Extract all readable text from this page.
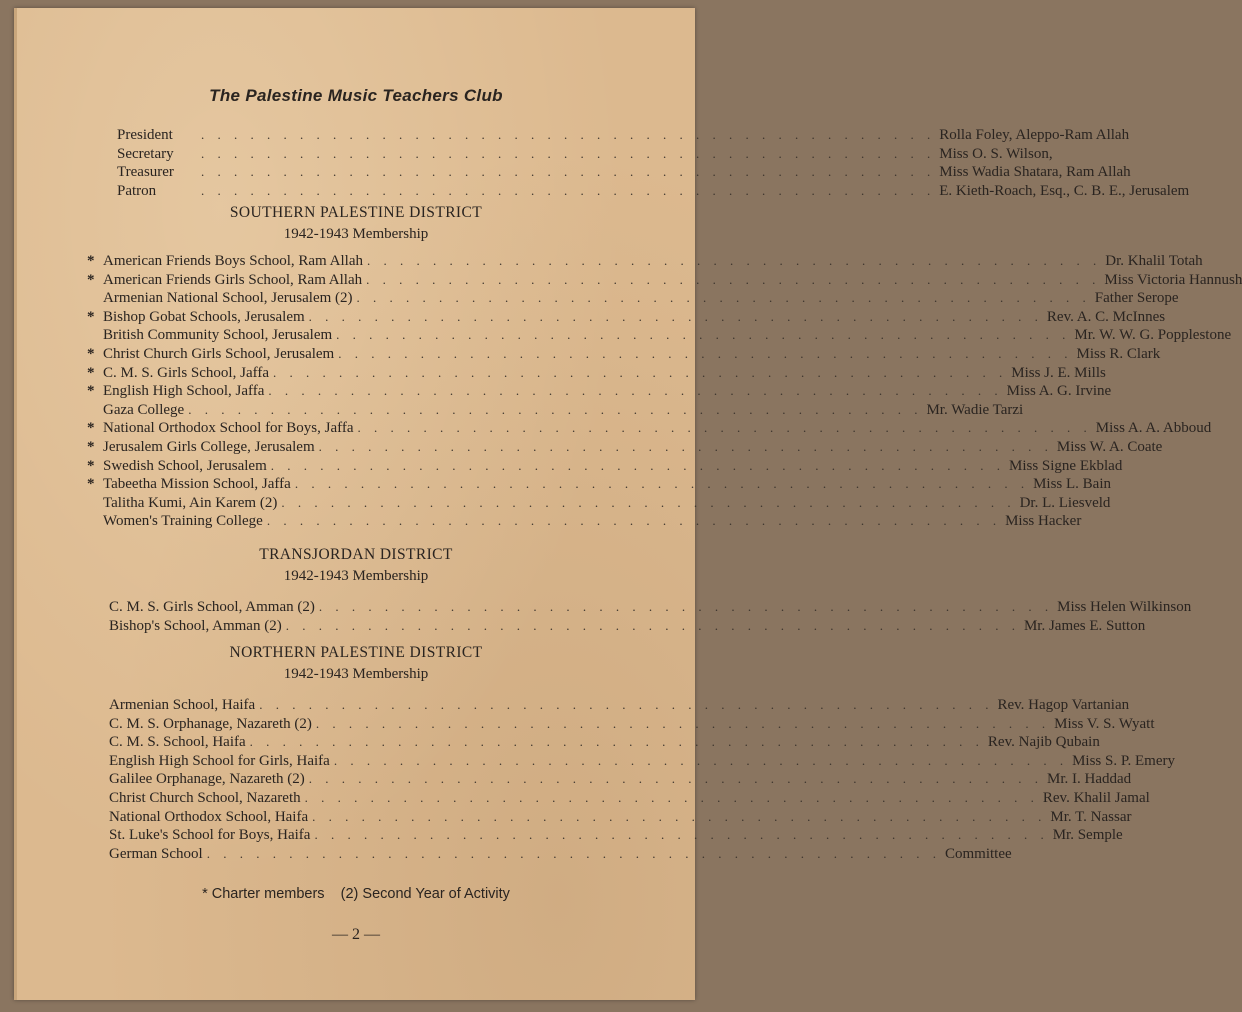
The Palestine Music Teachers Club
President	. . . . . . . . . . . . . . . . . . . . . . . . . . . . . . . . . . . . . . . . . . . . . Rolla Foley, Aleppo-Ram Allah
Secretary	. . . . . . . . . . . . . . . . . . . . . . . . . . . . . . . . . . . . . . . . . . . . . Miss O. S. Wilson,
Treasurer	. . . . . . . . . . . . . . . . . . . . . . . . . . . . . . . . . . . . . . . . . . . . . Miss Wadia Shatara, Ram Allah
Patron	. . . . . . . . . . . . . . . . . . . . . . . . . . . . . . . . . . . . . . . . . . . . . E. Kieth-Roach, Esq., C. B. E., Jerusalem
SOUTHERN PALESTINE DISTRICT
1942-1943 Membership
* American Friends Boys School, Ram Allah . . . . . . . . . . . . . . . . . . . . . . . . . . . . . . . . . . . . . . . . . . . . . Dr. Khalil Totah
* American Friends Girls School, Ram Allah . . . . . . . . . . . . . . . . . . . . . . . . . . . . . . . . . . . . . . . . . . . . . Miss Victoria Hannush
Armenian National School, Jerusalem (2) . . . . . . . . . . . . . . . . . . . . . . . . . . . . . . . . . . . . . . . . . . . . . Father Serope
* Bishop Gobat Schools, Jerusalem . . . . . . . . . . . . . . . . . . . . . . . . . . . . . . . . . . . . . . . . . . . . . Rev. A. C. McInnes
British Community School, Jerusalem . . . . . . . . . . . . . . . . . . . . . . . . . . . . . . . . . . . . . . . . . . . . . Mr. W. W. G. Popplestone
* Christ Church Girls School, Jerusalem . . . . . . . . . . . . . . . . . . . . . . . . . . . . . . . . . . . . . . . . . . . . . Miss R. Clark
* C. M. S. Girls School, Jaffa . . . . . . . . . . . . . . . . . . . . . . . . . . . . . . . . . . . . . . . . . . . . . Miss J. E. Mills
* English High School, Jaffa . . . . . . . . . . . . . . . . . . . . . . . . . . . . . . . . . . . . . . . . . . . . . Miss A. G. Irvine
Gaza College . . . . . . . . . . . . . . . . . . . . . . . . . . . . . . . . . . . . . . . . . . . . . Mr. Wadie Tarzi
* National Orthodox School for Boys, Jaffa . . . . . . . . . . . . . . . . . . . . . . . . . . . . . . . . . . . . . . . . . . . . . Miss A. A. Abboud
* Jerusalem Girls College, Jerusalem . . . . . . . . . . . . . . . . . . . . . . . . . . . . . . . . . . . . . . . . . . . . . Miss W. A. Coate
* Swedish School, Jerusalem . . . . . . . . . . . . . . . . . . . . . . . . . . . . . . . . . . . . . . . . . . . . . Miss Signe Ekblad
* Tabeetha Mission School, Jaffa . . . . . . . . . . . . . . . . . . . . . . . . . . . . . . . . . . . . . . . . . . . . . Miss L. Bain
Talitha Kumi, Ain Karem (2) . . . . . . . . . . . . . . . . . . . . . . . . . . . . . . . . . . . . . . . . . . . . . Dr. L. Liesveld
Women's Training College . . . . . . . . . . . . . . . . . . . . . . . . . . . . . . . . . . . . . . . . . . . . . Miss Hacker
TRANSJORDAN DISTRICT
1942-1943 Membership
C. M. S. Girls School, Amman (2) . . . . . . . . . . . . . . . . . . . . . . . . . . . . . . . . . . . . . . . . . . . . . Miss Helen Wilkinson
Bishop's School, Amman (2) . . . . . . . . . . . . . . . . . . . . . . . . . . . . . . . . . . . . . . . . . . . . . Mr. James E. Sutton
NORTHERN PALESTINE DISTRICT
1942-1943 Membership
Armenian School, Haifa . . . . . . . . . . . . . . . . . . . . . . . . . . . . . . . . . . . . . . . . . . . . . Rev. Hagop Vartanian
C. M. S. Orphanage, Nazareth (2) . . . . . . . . . . . . . . . . . . . . . . . . . . . . . . . . . . . . . . . . . . . . . Miss V. S. Wyatt
C. M. S. School, Haifa . . . . . . . . . . . . . . . . . . . . . . . . . . . . . . . . . . . . . . . . . . . . . Rev. Najib Qubain
English High School for Girls, Haifa . . . . . . . . . . . . . . . . . . . . . . . . . . . . . . . . . . . . . . . . . . . . . Miss S. P. Emery
Galilee Orphanage, Nazareth (2) . . . . . . . . . . . . . . . . . . . . . . . . . . . . . . . . . . . . . . . . . . . . . Mr. I. Haddad
Christ Church School, Nazareth . . . . . . . . . . . . . . . . . . . . . . . . . . . . . . . . . . . . . . . . . . . . . Rev. Khalil Jamal
National Orthodox School, Haifa . . . . . . . . . . . . . . . . . . . . . . . . . . . . . . . . . . . . . . . . . . . . . Mr. T. Nassar
St. Luke's School for Boys, Haifa . . . . . . . . . . . . . . . . . . . . . . . . . . . . . . . . . . . . . . . . . . . . . Mr. Semple
German School . . . . . . . . . . . . . . . . . . . . . . . . . . . . . . . . . . . . . . . . . . . . . Committee
* Charter members    (2) Second Year of Activity
— 2 —
